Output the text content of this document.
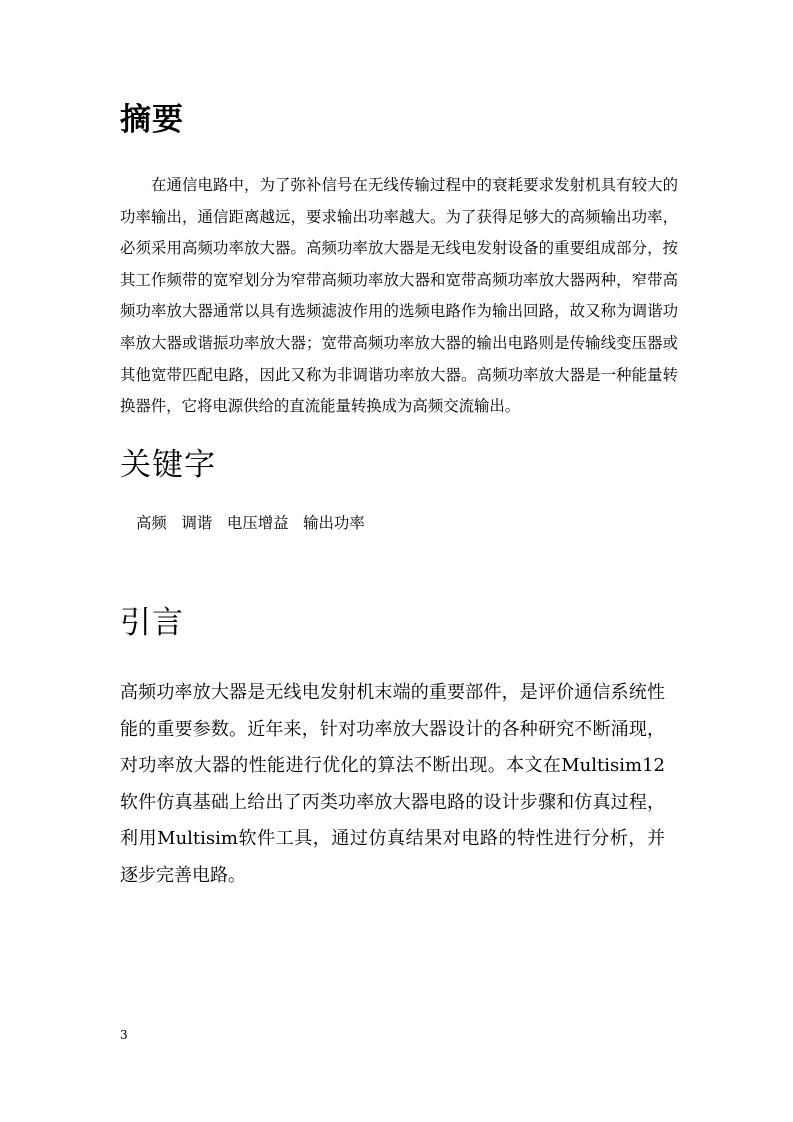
摘要

在通信电路中，为了弥补信号在无线传输过程中的衰耗要求发射机具有较大的功率输出，通信距离越远，要求输出功率越大。为了获得足够大的高频输出功率，必须采用高频功率放大器。高频功率放大器是无线电发射设备的重要组成部分，按其工作频带的宽窄划分为窄带高频功率放大器和宽带高频功率放大器两种，窄带高频功率放大器通常以具有选频滤波作用的选频电路作为输出回路，故又称为调谐功率放大器或谐振功率放大器；宽带高频功率放大器的输出电路则是传输线变压器或其他宽带匹配电路，因此又称为非调谐功率放大器。高频功率放大器是一种能量转换器件，它将电源供给的直流能量转换成为高频交流输出。

关键字

高频   调谐   电压增益   输出功率

引言

高频功率放大器是无线电发射机末端的重要部件，是评价通信系统性能的重要参数。近年来，针对功率放大器设计的各种研究不断涌现，对功率放大器的性能进行优化的算法不断出现。本文在Multisim12软件仿真基础上给出了丙类功率放大器电路的设计步骤和仿真过程，利用Multisim软件工具，通过仿真结果对电路的特性进行分析，并逐步完善电路。

3
